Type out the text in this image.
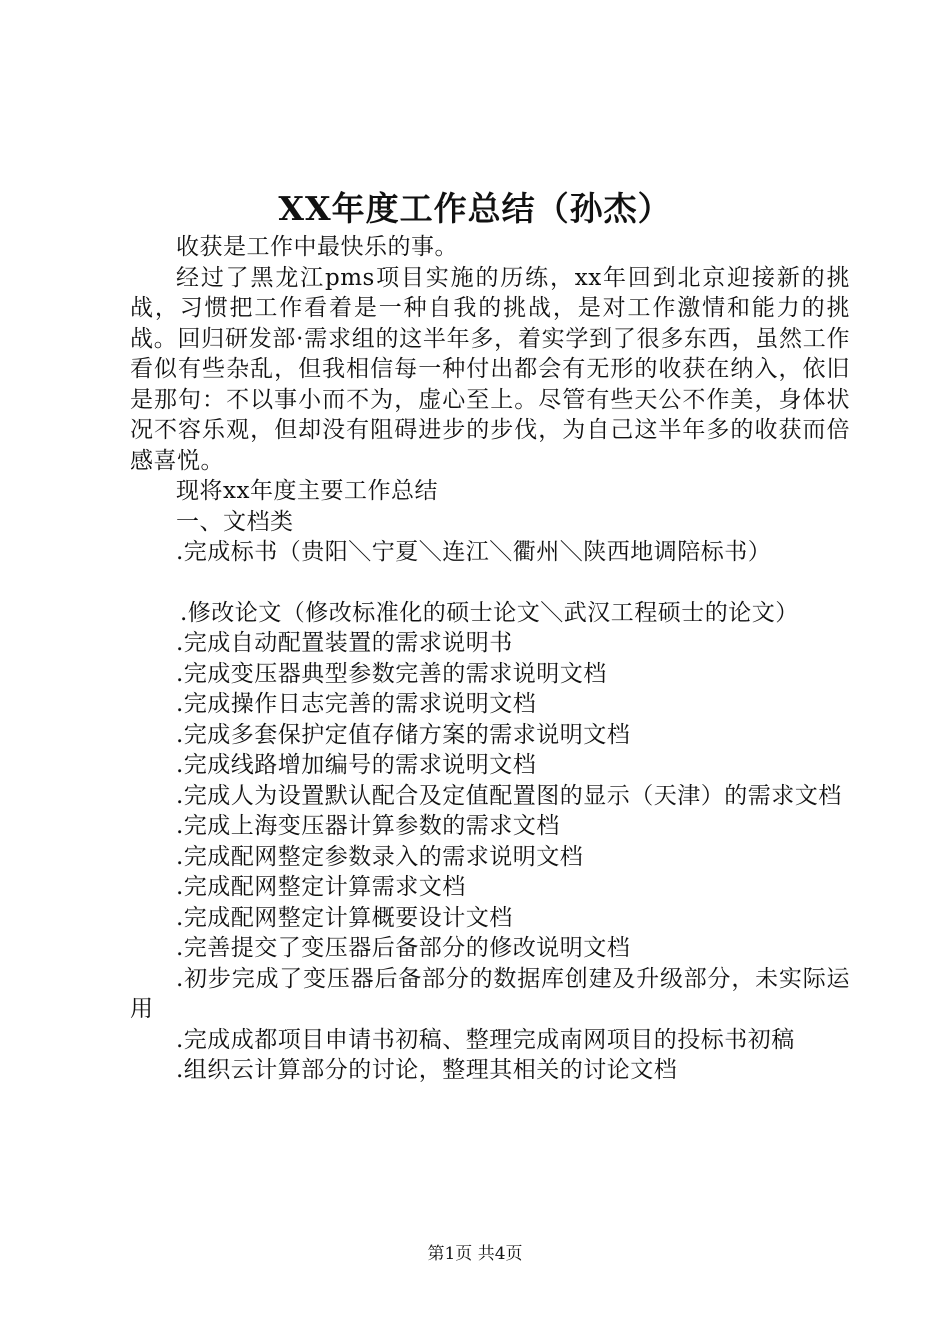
XX年度工作总结（孙杰）

收获是工作中最快乐的事。

经过了黑龙江pms项目实施的历练，xx年回到北京迎接新的挑战，习惯把工作看着是一种自我的挑战，是对工作激情和能力的挑战。回归研发部·需求组的这半年多，着实学到了很多东西，虽然工作看似有些杂乱，但我相信每一种付出都会有无形的收获在纳入，依旧是那句：不以事小而不为，虚心至上。尽管有些天公不作美，身体状况不容乐观，但却没有阻碍进步的步伐，为自己这半年多的收获而倍感喜悦。

现将xx年度主要工作总结

一、文档类

.完成标书（贵阳＼宁夏＼连江＼衢州＼陕西地调陪标书）

.修改论文（修改标准化的硕士论文＼武汉工程硕士的论文）

.完成自动配置装置的需求说明书

.完成变压器典型参数完善的需求说明文档

.完成操作日志完善的需求说明文档

.完成多套保护定值存储方案的需求说明文档

.完成线路增加编号的需求说明文档

.完成人为设置默认配合及定值配置图的显示（天津）的需求文档

.完成上海变压器计算参数的需求文档

.完成配网整定参数录入的需求说明文档

.完成配网整定计算需求文档

.完成配网整定计算概要设计文档

.完善提交了变压器后备部分的修改说明文档

.初步完成了变压器后备部分的数据库创建及升级部分，未实际运用

.完成成都项目申请书初稿、整理完成南网项目的投标书初稿

.组织云计算部分的讨论，整理其相关的讨论文档

第1页 共4页
